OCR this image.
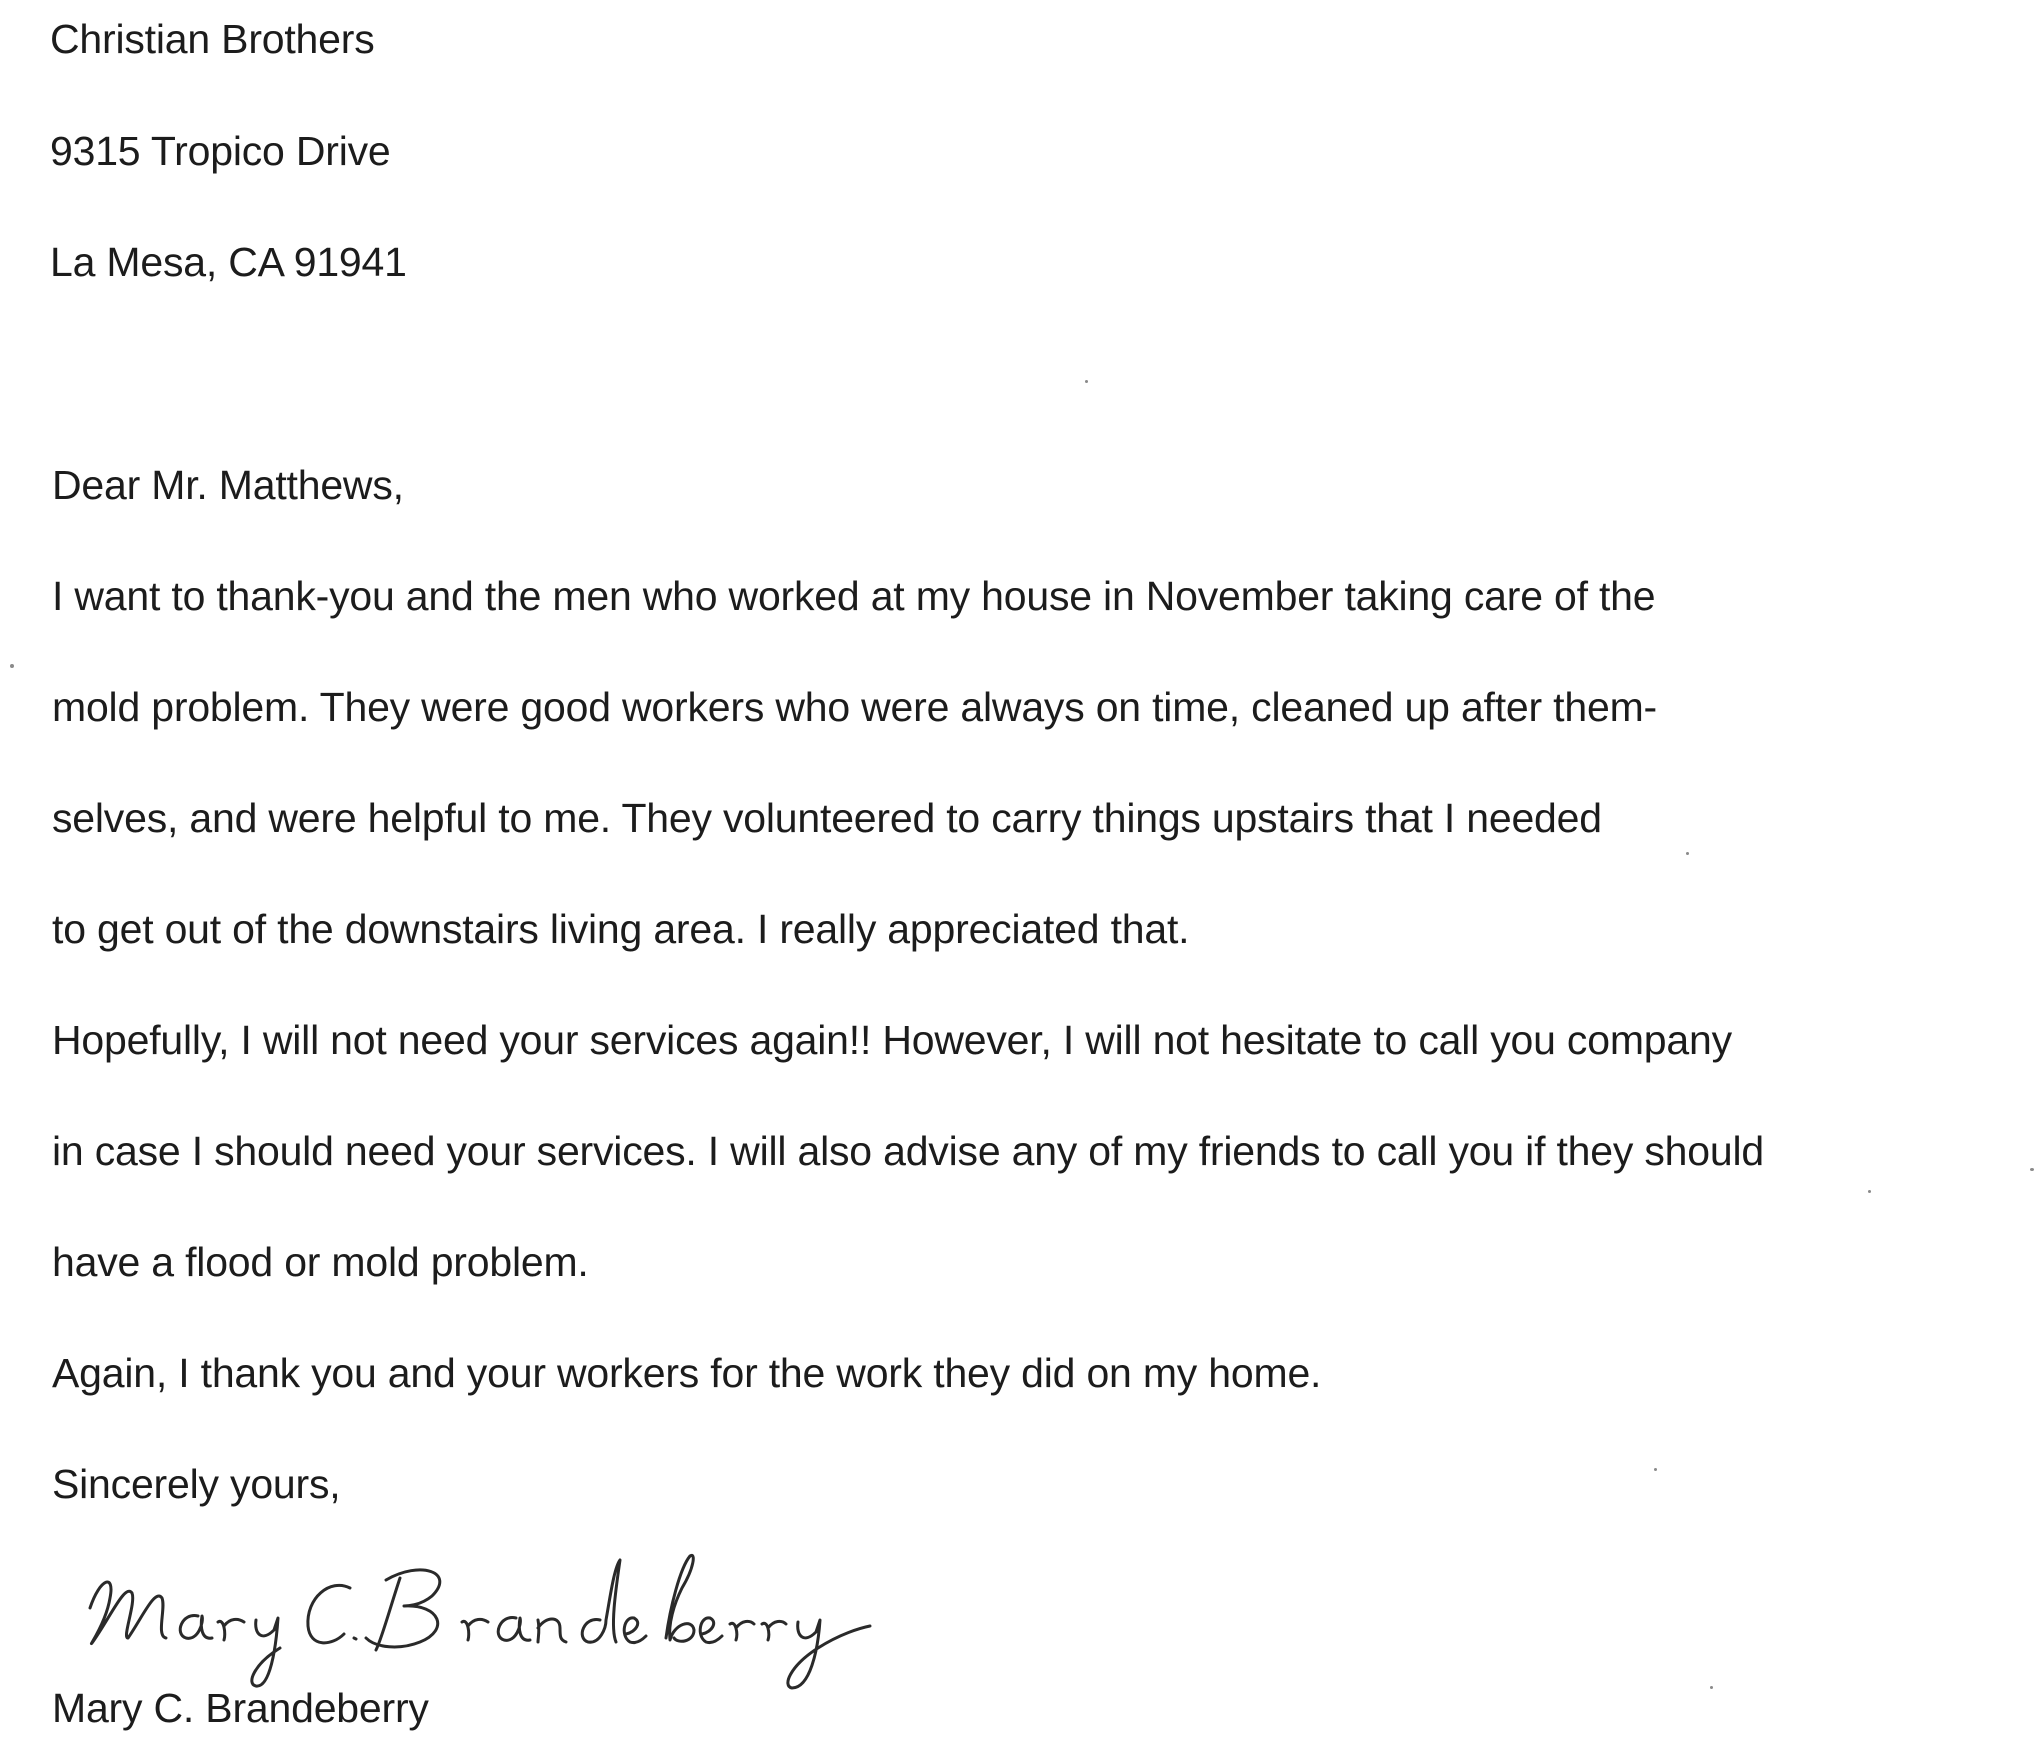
Christian Brothers
9315 Tropico Drive
La Mesa, CA 91941
Dear Mr. Matthews,
I want to thank-you and the men who worked at my house in November taking care of the
mold problem. They were good workers who were always on time, cleaned up after them-
selves, and were helpful to me. They volunteered to carry things upstairs that I needed
to get out of the downstairs living area. I really appreciated that.
Hopefully, I will not need your services again!! However, I will not hesitate to call you company
in case I should need your services. I will also advise any of my friends to call you if they should
have a flood or mold problem.
Again, I thank you and your workers for the work they did on my home.
Sincerely yours,
Mary C. Brandeberry
